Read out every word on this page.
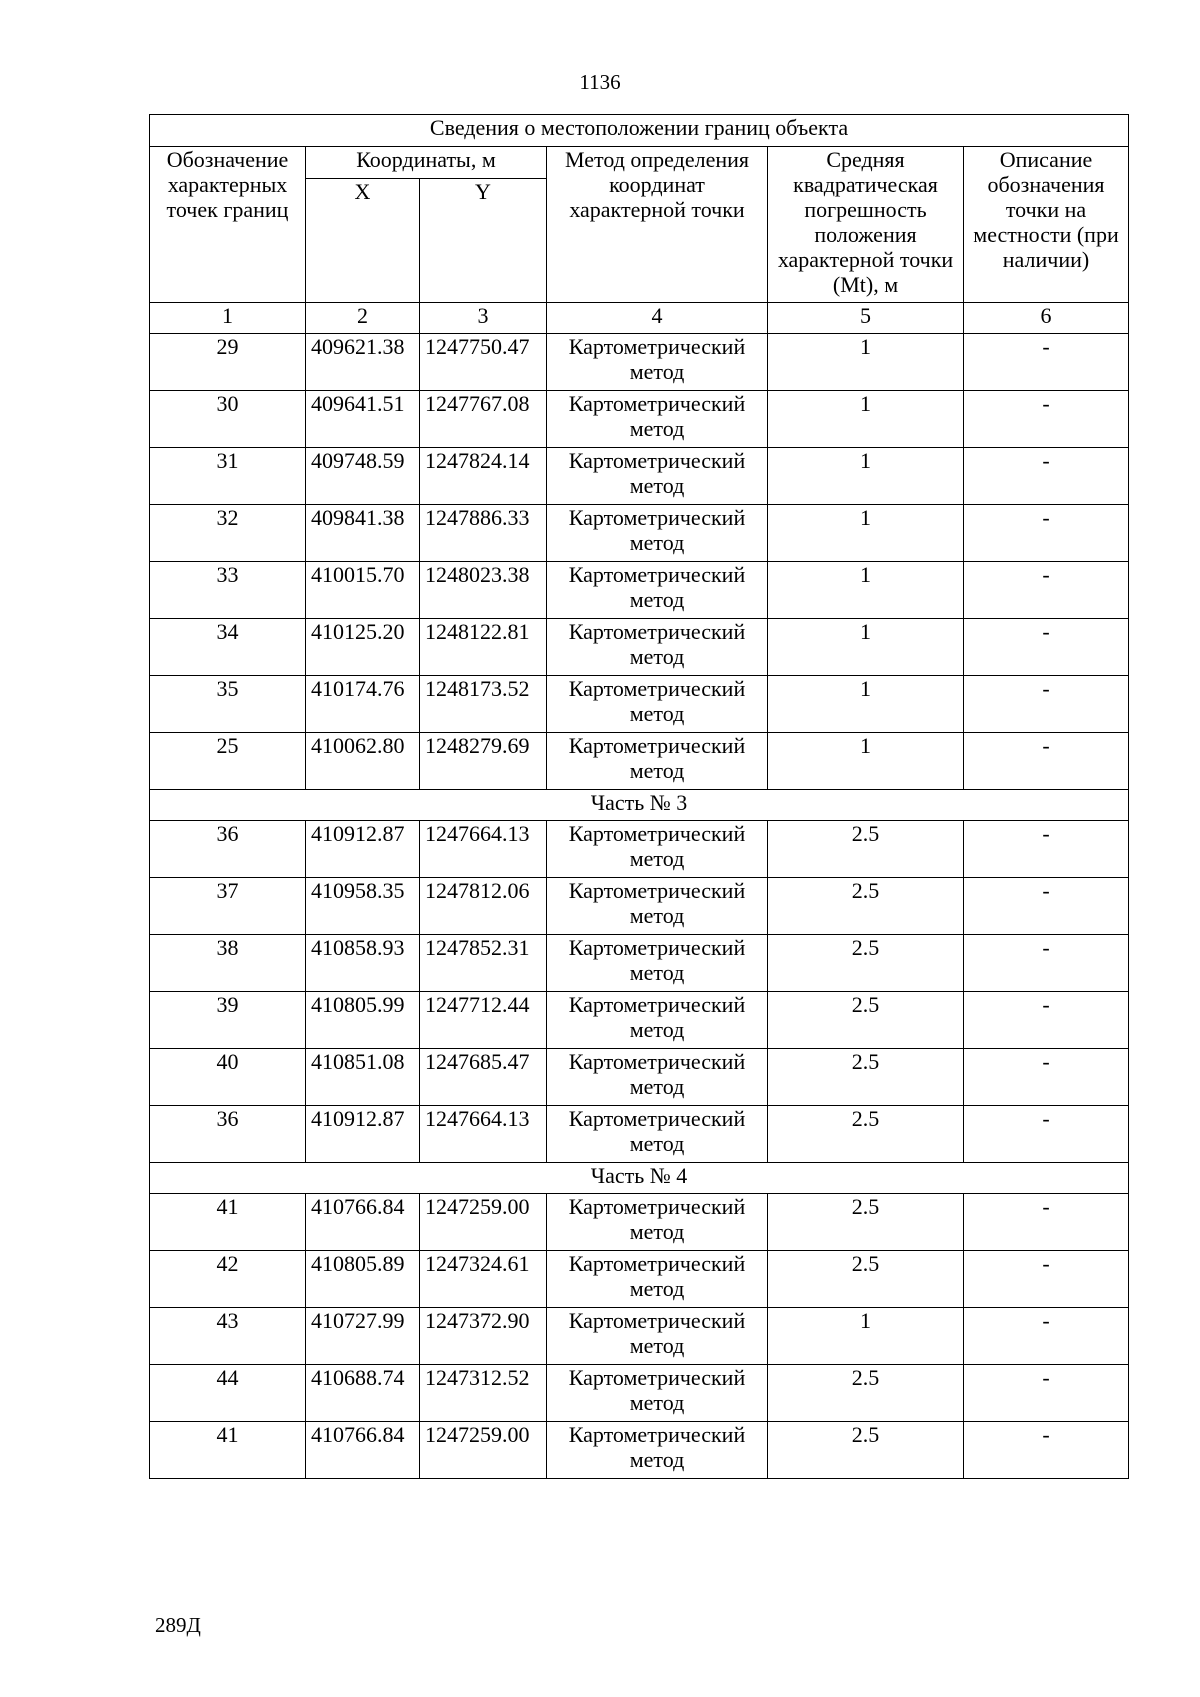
1136
Сведения о местоположении границ объекта					
Обозначение характерных точек границ	Координаты, м		Метод определения координат характерной точки	Средняя квадратическая погрешность положения характерной точки (Mt), м	Описание обозначения точки на местности (при наличии)
	X	Y			
1	2	3	4	5	6
29	409621.38	1247750.47	Картометрический метод	1	-
30	409641.51	1247767.08	Картометрический метод	1	-
31	409748.59	1247824.14	Картометрический метод	1	-
32	409841.38	1247886.33	Картометрический метод	1	-
33	410015.70	1248023.38	Картометрический метод	1	-
34	410125.20	1248122.81	Картометрический метод	1	-
35	410174.76	1248173.52	Картометрический метод	1	-
25	410062.80	1248279.69	Картометрический метод	1	-
Часть № 3					
36	410912.87	1247664.13	Картометрический метод	2.5	-
37	410958.35	1247812.06	Картометрический метод	2.5	-
38	410858.93	1247852.31	Картометрический метод	2.5	-
39	410805.99	1247712.44	Картометрический метод	2.5	-
40	410851.08	1247685.47	Картометрический метод	2.5	-
36	410912.87	1247664.13	Картометрический метод	2.5	-
Часть № 4					
41	410766.84	1247259.00	Картометрический метод	2.5	-
42	410805.89	1247324.61	Картометрический метод	2.5	-
43	410727.99	1247372.90	Картометрический метод	1	-
44	410688.74	1247312.52	Картометрический метод	2.5	-
41	410766.84	1247259.00	Картометрический метод	2.5	-
289Д
